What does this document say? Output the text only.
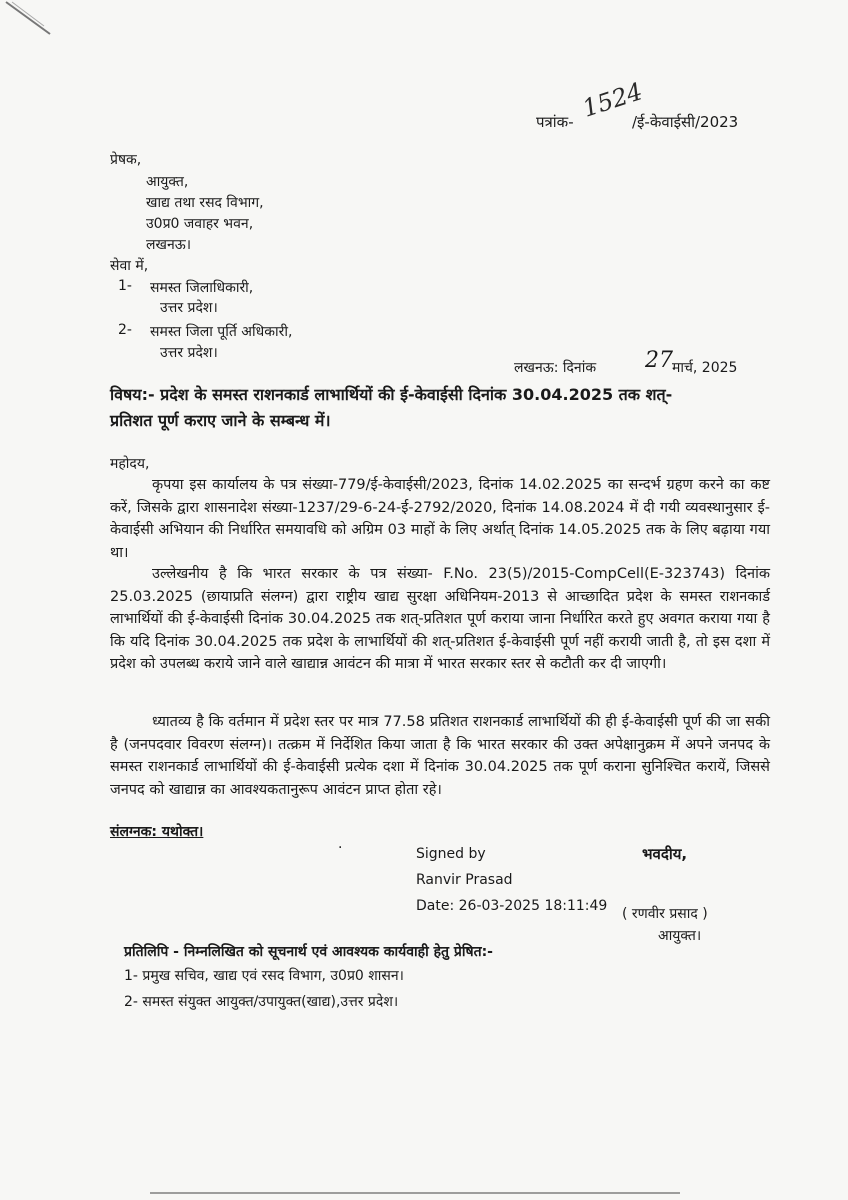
पत्रांक- 1524
/ई-केवाईसी/2023
प्रेषक,
आयुक्त,
खाद्य तथा रसद विभाग,
उ0प्र0 जवाहर भवन,
लखनऊ।
सेवा में,
1- समस्त जिलाधिकारी,
उत्तर प्रदेश।
2- समस्त जिला पूर्ति अधिकारी,
उत्तर प्रदेश।
लखनऊ: दिनांक 27 मार्च, 2025
विषय:- प्रदेश के समस्त राशनकार्ड लाभार्थियों की ई-केवाईसी दिनांक 30.04.2025 तक शत्-
प्रतिशत पूर्ण कराए जाने के सम्बन्ध में।
महोदय,
कृपया इस कार्यालय के पत्र संख्या-779/ई-केवाईसी/2023, दिनांक 14.02.2025 का सन्दर्भ ग्रहण करने का कष्ट करें, जिसके द्वारा शासनादेश संख्या-1237/29-6-24-ई-2792/2020, दिनांक 14.08.2024 में दी गयी व्यवस्थानुसार ई-केवाईसी अभियान की निर्धारित समयावधि को अग्रिम 03 माहों के लिए अर्थात् दिनांक 14.05.2025 तक के लिए बढ़ाया गया था।
उल्लेखनीय है कि भारत सरकार के पत्र संख्या- F.No. 23(5)/2015-CompCell(E-323743) दिनांक 25.03.2025 (छायाप्रति संलग्न) द्वारा राष्ट्रीय खाद्य सुरक्षा अधिनियम-2013 से आच्छादित प्रदेश के समस्त राशनकार्ड लाभार्थियों की ई-केवाईसी दिनांक 30.04.2025 तक शत्-प्रतिशत पूर्ण कराया जाना निर्धारित करते हुए अवगत कराया गया है कि यदि दिनांक 30.04.2025 तक प्रदेश के लाभार्थियों की शत्-प्रतिशत ई-केवाईसी पूर्ण नहीं करायी जाती है, तो इस दशा में प्रदेश को उपलब्ध कराये जाने वाले खाद्यान्न आवंटन की मात्रा में भारत सरकार स्तर से कटौती कर दी जाएगी।
ध्यातव्य है कि वर्तमान में प्रदेश स्तर पर मात्र 77.58 प्रतिशत राशनकार्ड लाभार्थियों की ही ई-केवाईसी पूर्ण की जा सकी है (जनपदवार विवरण संलग्न)। तत्क्रम में निर्देशित किया जाता है कि भारत सरकार की उक्त अपेक्षानुक्रम में अपने जनपद के समस्त राशनकार्ड लाभार्थियों की ई-केवाईसी प्रत्येक दशा में दिनांक 30.04.2025 तक पूर्ण कराना सुनिश्चित करायें, जिससे जनपद को खाद्यान्न का आवश्यकतानुरूप आवंटन प्राप्त होता रहे।
संलग्नक: यथोक्त।
·	Signed by
Ranvir Prasad
Date: 26-03-2025 18:11:49
भवदीय,
( रणवीर प्रसाद )
आयुक्त।
प्रतिलिपि - निम्नलिखित को सूचनार्थ एवं आवश्यक कार्यवाही हेतु प्रेषित:-
1- प्रमुख सचिव, खाद्य एवं रसद विभाग, उ0प्र0 शासन।
2- समस्त संयुक्त आयुक्त/उपायुक्त(खाद्य),उत्तर प्रदेश।
